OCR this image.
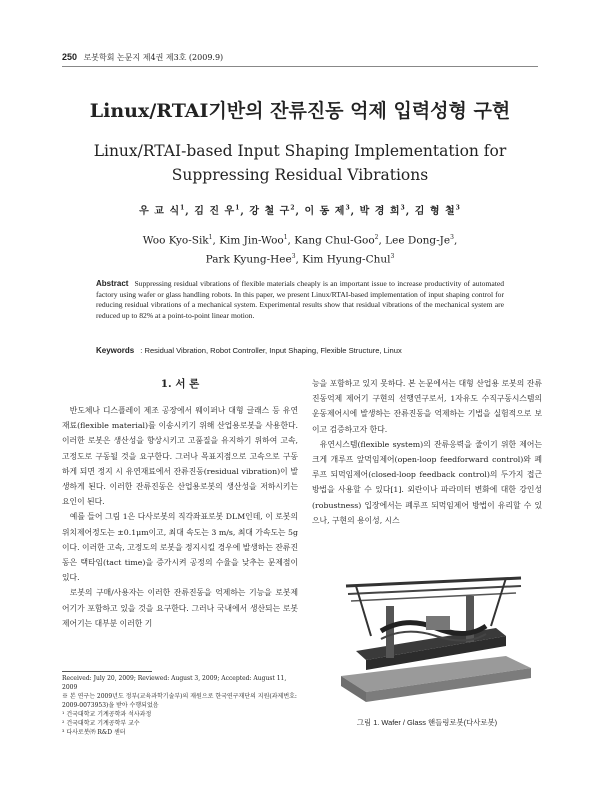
250 로봇학회 논문지 제4권 제3호 (2009.9)
Linux/RTAI기반의 잔류진동 억제 입력성형 구현
Linux/RTAI-based Input Shaping Implementation for
Suppressing Residual Vibrations
우 교 식$^1$, 김 진 우$^1$, 강 철 구$^2$, 이 동 제$^3$, 박 경 희$^3$, 김 형 철$^3$
Woo Kyo-Sik$^1$, Kim Jin-Woo$^1$, Kang Chul-Goo$^2$, Lee Dong-Je$^3$,
Park Kyung-Hee$^3$, Kim Hyung-Chul$^3$
Abstract Suppressing residual vibrations of flexible materials cheaply is an important issue to increase productivity of automated factory using wafer or glass handling robots. In this paper, we present Linux/RTAI-based implementation of input shaping control for reducing residual vibrations of a mechanical system. Experimental results show that residual vibrations of the mechanical system are reduced up to 82% at a point-to-point linear motion.
Keywords : Residual Vibration, Robot Controller, Input Shaping, Flexible Structure, Linux
1. 서 론

반도체나 디스플레이 제조 공장에서 웨이퍼나 대형 글래스 등 유연재료(flexible material)를 이송시키기 위해 산업용로봇을 사용한다. 이러한 로봇은 생산성을 향상시키고 고품질을 유지하기 위하여 고속, 고정도로 구동될 것을 요구한다. 그러나 목표지점으로 고속으로 구동하게 되면 정지 시 유연재료에서 잔류진동(residual vibration)이 발생하게 된다. 이러한 잔류진동은 산업용로봇의 생산성을 저하시키는 요인이 된다.

예를 들어 그림 1은 다사로봇의 직각좌표로봇 DLM인데, 이 로봇의 위치제어정도는 ±0.1μm이고, 최대 속도는 3 m/s, 최대 가속도는 5g이다. 이러한 고속, 고정도의 로봇을 정지시킬 경우에 발생하는 잔류진동은 택타임(tact time)을 증가시켜 공정의 수율을 낮추는 문제점이 있다.

로봇의 구매/사용자는 이러한 잔류진동을 억제하는 기능을 로봇제어기가 포함하고 있을 것을 요구한다. 그러나 국내에서 생산되는 로봇 제어기는 대부분 이러한 기

능을 포함하고 있지 못하다. 본 논문에서는 대형 산업용 로봇의 잔류진동억제 제어기 구현의 선행연구로서, 1자유도 수직구동시스템의 운동제어시에 발생하는 잔류진동을 억제하는 기법을 실험적으로 보이고 검증하고자 한다.

유연시스템(flexible system)의 잔류응력을 줄이기 위한 제어는 크게 개루프 앞먹임제어(open-loop feedforward control)와 폐루프 되먹임제어(closed-loop feedback control)의 두가지 접근방법을 사용할 수 있다[1]. 외란이나 파라미터 변화에 대한 강인성(robustness) 입장에서는 폐루프 되먹임제어 방법이 유리할 수 있으나, 구현의 용이성, 시스

그림 1. Wafer / Glass 핸들링로봇(다사로봇)
Received: July 20, 2009; Reviewed: August 3, 2009; Accepted: August 11, 2009
※ 본 연구는 2009년도 정부(교육과학기술부)의 재원으로 한국연구재단의 지원(과제번호: 2009-0073953)을 받아 수행되었음
¹ 건국대학교 기계공학과 석사과정
² 건국대학교 기계공학부 교수
³ 다사로봇㈜ R&D 센터
